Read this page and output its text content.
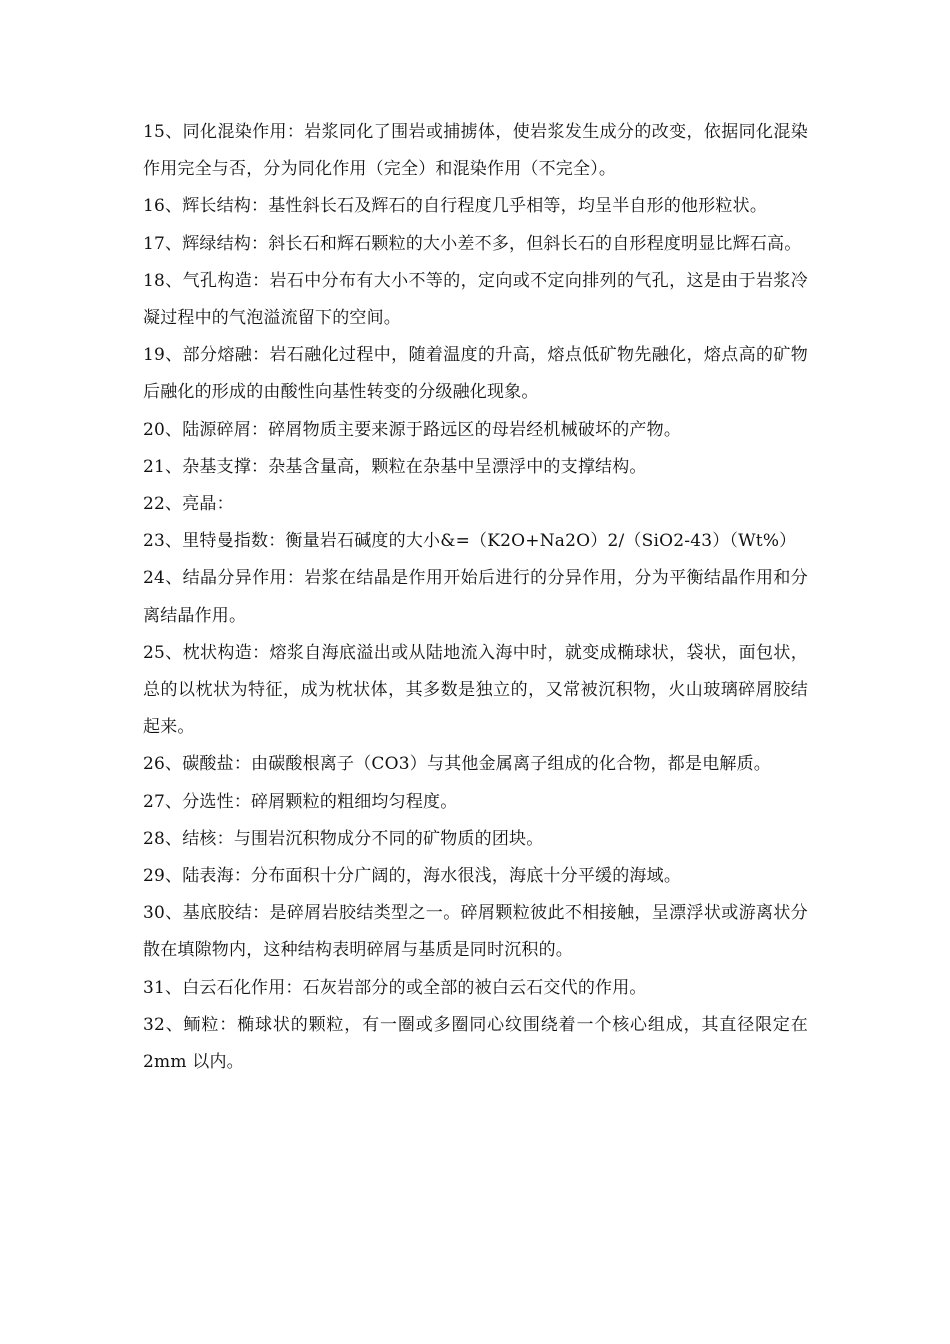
15、同化混染作用：岩浆同化了围岩或捕掳体，使岩浆发生成分的改变，依据同化混染作用完全与否，分为同化作用（完全）和混染作用（不完全）。

16、辉长结构：基性斜长石及辉石的自行程度几乎相等，均呈半自形的他形粒状。

17、辉绿结构：斜长石和辉石颗粒的大小差不多，但斜长石的自形程度明显比辉石高。

18、气孔构造：岩石中分布有大小不等的，定向或不定向排列的气孔，这是由于岩浆冷凝过程中的气泡溢流留下的空间。

19、部分熔融：岩石融化过程中，随着温度的升高，熔点低矿物先融化，熔点高的矿物后融化的形成的由酸性向基性转变的分级融化现象。

20、陆源碎屑：碎屑物质主要来源于路远区的母岩经机械破坏的产物。

21、杂基支撑：杂基含量高，颗粒在杂基中呈漂浮中的支撑结构。

22、亮晶：

23、里特曼指数：衡量岩石碱度的大小&=（K2O+Na2O）2/（SiO2-43）（Wt%）

24、结晶分异作用：岩浆在结晶是作用开始后进行的分异作用，分为平衡结晶作用和分离结晶作用。

25、枕状构造：熔浆自海底溢出或从陆地流入海中时，就变成椭球状，袋状，面包状，总的以枕状为特征，成为枕状体，其多数是独立的，又常被沉积物，火山玻璃碎屑胶结起来。

26、碳酸盐：由碳酸根离子（CO3）与其他金属离子组成的化合物，都是电解质。

27、分选性：碎屑颗粒的粗细均匀程度。

28、结核：与围岩沉积物成分不同的矿物质的团块。

29、陆表海：分布面积十分广阔的，海水很浅，海底十分平缓的海域。

30、基底胶结：是碎屑岩胶结类型之一。碎屑颗粒彼此不相接触，呈漂浮状或游离状分散在填隙物内，这种结构表明碎屑与基质是同时沉积的。

31、白云石化作用：石灰岩部分的或全部的被白云石交代的作用。

32、鲕粒：椭球状的颗粒，有一圈或多圈同心纹围绕着一个核心组成，其直径限定在 2mm 以内。
